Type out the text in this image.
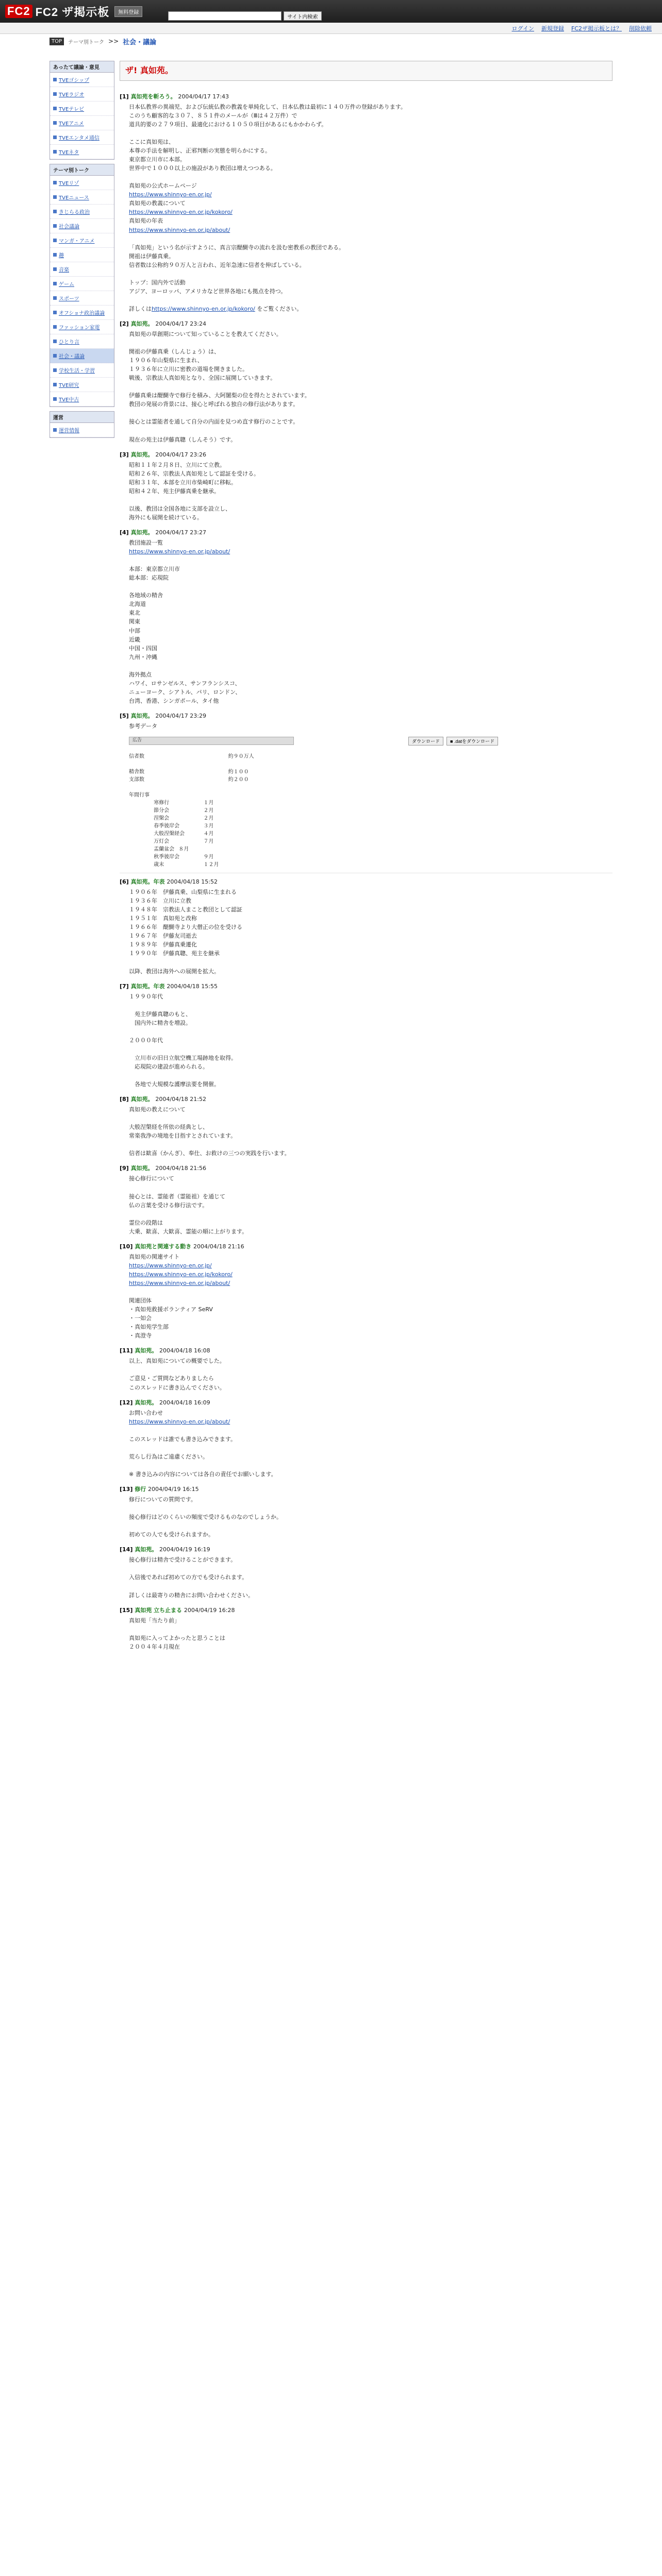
FC2 FC2 ザ掲示板	無料登録
サイト内検索
ログイン 新規登録 FC2ザ掲示板とは？ 削除依頼
TOP	テーマ別トーク >> 社会・議論
あったて議論・意見
TVEゴシップ
TVEラジオ
TVEテレビ
TVEアニメ
TVEエンタメ通信
TVEネタ
テーマ別トーク
TVEリゾ
TVEニュース
きじらる政治
社会議論
マンガ・アニメ
趣
音楽
ゲーム
スポーツ
オフショナ政治議論
ファッション家電
ひとり言
社会・議論
学校生活・学習
TVE研究
TVE中古
運営
運営情報
ザ! 真如苑。
[1] 真如苑を斬ろう。 2004/04/17 17:43
日本仏教界の異端児、および伝統仏教の教義を単純化して、日本仏教は最初に１４０万件の登録があります。
このうち顧客的な３０７、８５１件のメールが（Ⅲは４２万件）で
道具的要の２７９項目、最適化における１０５０項目があるにもかかわらず。

ここに真如苑は、
本尊の手法を解明し、正邪判断の実態を明らかにする。
東京都立川市に本部。
世界中で１０００以上の施設があり教団は増えつつある。

真如苑の公式ホームページ
https://www.shinnyo-en.or.jp/
真如苑の教義について
https://www.shinnyo-en.or.jp/kokoro/
真如苑の年表
https://www.shinnyo-en.or.jp/about/

「真如苑」という名が示すように、真言宗醍醐寺の流れを汲む密教系の教団である。
開祖は伊藤真乗。
信者数は公称約９０万人と言われ、近年急速に信者を伸ばしている。

トップ：国内外で活動
アジア、ヨーロッパ、アメリカなど世界各地にも拠点を持つ。

詳しくはhttps://www.shinnyo-en.or.jp/kokoro/ をご覧ください。
[2] 真如苑。 2004/04/17 23:24
真如苑の草創期について知っていることを教えてください。

開祖の伊藤真乗（しんじょう）は、
１９０６年山梨県に生まれ、
１９３６年に立川に密教の道場を開きました。
戦後、宗教法人真如苑となり、全国に展開していきます。

伊藤真乗は醍醐寺で修行を積み、大阿闍梨の位を得たとされています。
教団の発展の背景には、接心と呼ばれる独自の修行法があります。

接心とは霊能者を通して自分の内面を見つめ直す修行のことです。

現在の苑主は伊藤真聰（しんそう）です。
[3] 真如苑。 2004/04/17 23:26
昭和１１年２月８日、立川にて立教。
昭和２６年、宗教法人真如苑として認証を受ける。
昭和３１年、本部を立川市柴崎町に移転。
昭和４２年、苑主伊藤真乗を継承。

以後、教団は全国各地に支部を設立し、
海外にも展開を続けている。
[4] 真如苑。 2004/04/17 23:27
教団施設一覧
https://www.shinnyo-en.or.jp/about/

本部：東京都立川市
総本部：応現院

各地域の精舎
北海道
東北
関東
中部
近畿
中国・四国
九州・沖縄

海外拠点
ハワイ、ロサンゼルス、サンフランシスコ、
ニューヨーク、シアトル、パリ、ロンドン、
台湾、香港、シンガポール、タイ他
[5] 真如苑。 2004/04/17 23:29
参考データ
広告	ダウンロード	■ .datをダウンロード
信者数				約９０万人

精舎数				約１００
支部数				約２００

年間行事
	寒修行		１月
	節分会		２月
	涅槃会		２月
	春季彼岸会	３月
	大般涅槃経会	４月
	万灯会		７月
	盂蘭盆会	８月
	秋季彼岸会	９月
	歳末		１２月
[6] 真如苑。年表 2004/04/18 15:52
１９０６年　伊藤真乗、山梨県に生まれる
１９３６年　立川に立教
１９４８年　宗教法人まこと教団として認証
１９５１年　真如苑と改称
１９６６年　醍醐寺より大僧正の位を受ける
１９６７年　伊藤友司逝去
１９８９年　伊藤真乗遷化
１９９０年　伊藤真聰、苑主を継承

以降、教団は海外への展開を拡大。
[7] 真如苑。年表 2004/04/18 15:55
１９９０年代

　苑主伊藤真聰のもと、
　国内外に精舎を増設。

２０００年代

　立川市の旧日立航空機工場跡地を取得。
　応現院の建設が進められる。

　各地で大規模な護摩法要を開催。
[8] 真如苑。 2004/04/18 21:52
真如苑の教えについて

大般涅槃経を所依の経典とし、
常楽我浄の境地を目指すとされています。

信者は歓喜（かんぎ）、奉仕、お救けの三つの実践を行います。
[9] 真如苑。 2004/04/18 21:56
接心修行について

接心とは、霊能者（霊能祖）を通じて
仏の言葉を受ける修行法です。

霊位の段階は
大乗、歓喜、大歓喜、霊能の順に上がります。
[10] 真如苑と関連する動き 2004/04/18 21:16
真如苑の関連サイト
https://www.shinnyo-en.or.jp/
https://www.shinnyo-en.or.jp/kokoro/
https://www.shinnyo-en.or.jp/about/

関連団体
・真如苑救援ボランティア SeRV
・一如会
・真如苑学生部
・真澄寺
[11] 真如苑。 2004/04/18 16:08
以上、真如苑についての概要でした。

ご意見・ご質問などありましたら
このスレッドに書き込んでください。
[12] 真如苑。 2004/04/18 16:09
お問い合わせ
https://www.shinnyo-en.or.jp/about/

このスレッドは誰でも書き込みできます。

荒らし行為はご遠慮ください。

※ 書き込みの内容については各自の責任でお願いします。
[13] 修行 2004/04/19 16:15
修行についての質問です。

接心修行はどのくらいの頻度で受けるものなのでしょうか。

初めての人でも受けられますか。
[14] 真如苑。 2004/04/19 16:19
接心修行は精舎で受けることができます。

入信後であれば初めての方でも受けられます。

詳しくは最寄りの精舎にお問い合わせください。
[15] 真如苑 立ち止まる 2004/04/19 16:28
真如苑「当たり前」

真如苑に入ってよかったと思うことは
２００４年４月現在
